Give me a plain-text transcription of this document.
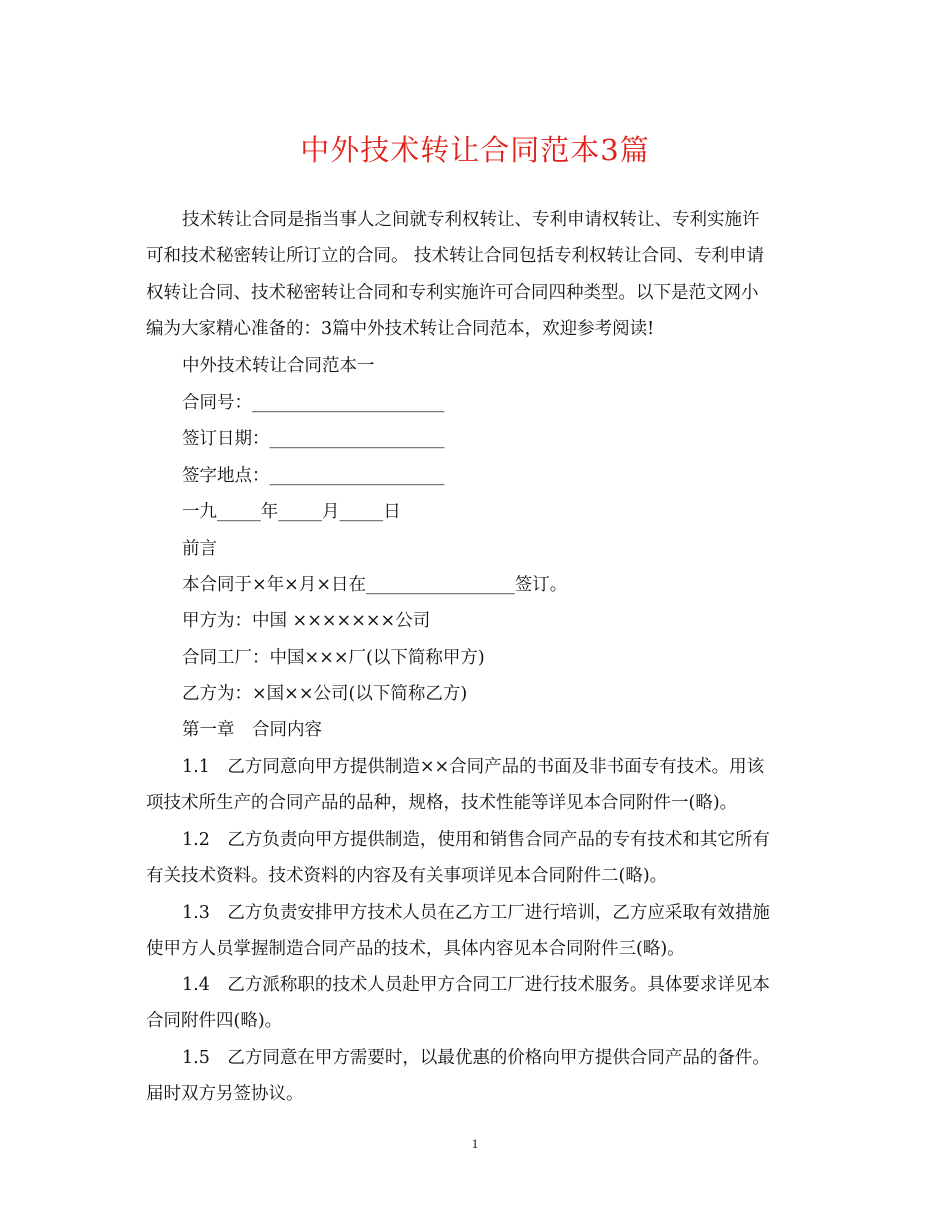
中外技术转让合同范本3篇
技术转让合同是指当事人之间就专利权转让、专利申请权转让、专利实施许
可和技术秘密转让所订立的合同。 技术转让合同包括专利权转让合同、专利申请
权转让合同、技术秘密转让合同和专利实施许可合同四种类型。以下是范文网小
编为大家精心准备的：3篇中外技术转让合同范本，欢迎参考阅读!
中外技术转让合同范本一
合同号：______________________
签订日期：____________________
签字地点：____________________
一九_____年_____月_____日
前言
本合同于×年×月×日在_________________签订。
甲方为：中国 ×××××××公司
合同工厂：中国×××厂(以下简称甲方)
乙方为：×国××公司(以下简称乙方)
第一章　合同内容
1.1　乙方同意向甲方提供制造××合同产品的书面及非书面专有技术。用该
项技术所生产的合同产品的品种，规格，技术性能等详见本合同附件一(略)。
1.2　乙方负责向甲方提供制造，使用和销售合同产品的专有技术和其它所有
有关技术资料。技术资料的内容及有关事项详见本合同附件二(略)。
1.3　乙方负责安排甲方技术人员在乙方工厂进行培训，乙方应采取有效措施
使甲方人员掌握制造合同产品的技术，具体内容见本合同附件三(略)。
1.4　乙方派称职的技术人员赴甲方合同工厂进行技术服务。具体要求详见本
合同附件四(略)。
1.5　乙方同意在甲方需要时，以最优惠的价格向甲方提供合同产品的备件。
届时双方另签协议。
1
